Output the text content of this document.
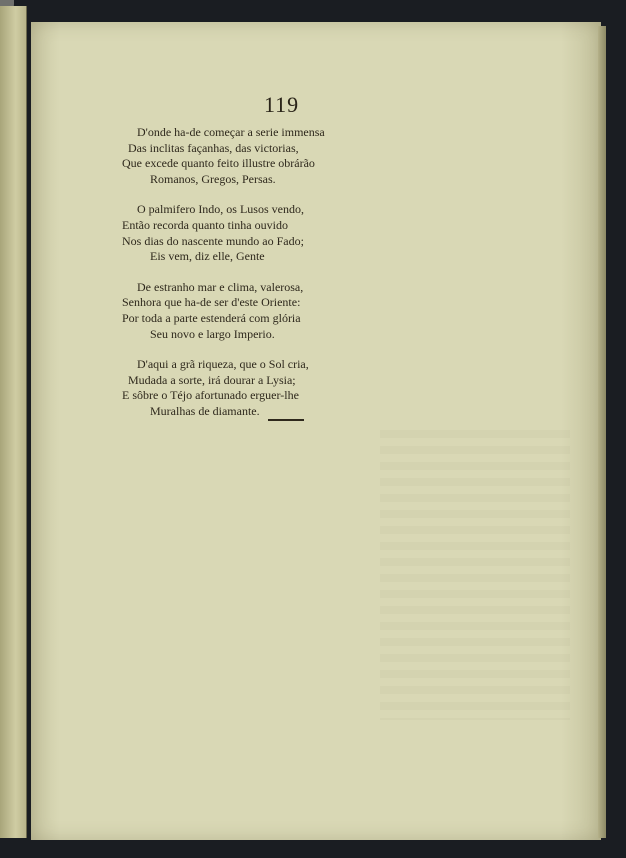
119
D'onde ha-de começar a serie immensa
Das inclitas façanhas, das victorias,
Que excede quanto feito illustre obrárão
Romanos, Gregos, Persas.
O palmifero Indo, os Lusos vendo,
Então recorda quanto tinha ouvido
Nos dias do nascente mundo ao Fado;
Eis vem, diz elle, Gente
De estranho mar e clima, valerosa,
Senhora que ha-de ser d'este Oriente:
Por toda a parte estenderá com glória
Seu novo e largo Imperio.
D'aqui a grã riqueza, que o Sol cria,
Mudada a sorte, irá dourar a Lysia;
E sôbre o Téjo afortunado erguer-lhe
Muralhas de diamante.
